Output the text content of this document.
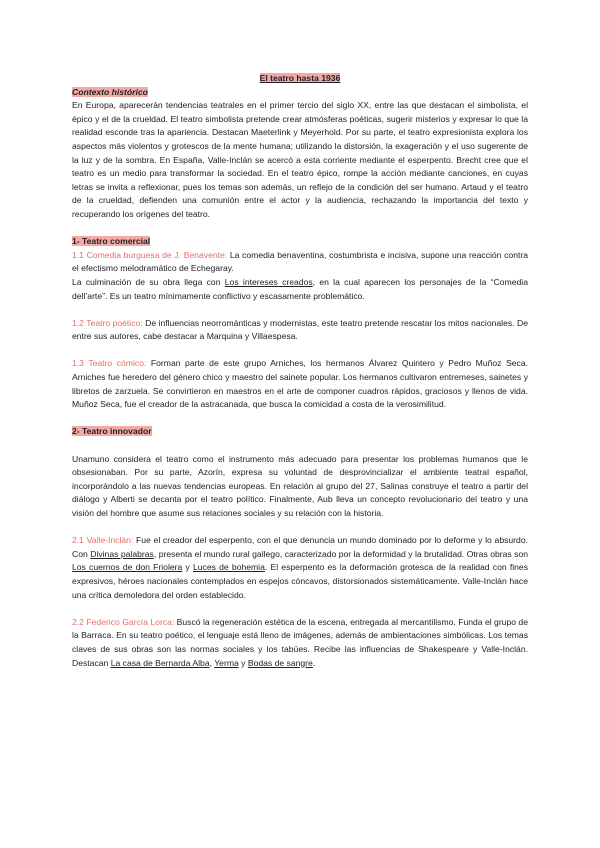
El teatro hasta 1936

Contexto histórico

En Europa, aparecerán tendencias teatrales en el primer tercio del siglo XX, entre las que destacan el simbolista, el épico y el de la crueldad. El teatro simbolista pretende crear atmósferas poéticas, sugerir misterios y expresar lo que la realidad esconde tras la apariencia. Destacan Maeterlink y Meyerhold. Por su parte, el teatro expresionista explora los aspectos más violentos y grotescos de la mente humana; utilizando la distorsión, la exageración y el uso sugerente de la luz y de la sombra. En España, Valle-Inclán se acercó a esta corriente mediante el esperpento. Brecht cree que el teatro es un medio para transformar la sociedad. En el teatro épico, rompe la acción mediante canciones, en cuyas letras se invita a reflexionar, pues los temas son además, un reflejo de la condición del ser humano. Artaud y el teatro de la crueldad, defienden una comunión entre el actor y la audiencia, rechazando la importancia del texto y recuperando los orígenes del teatro.

1- Teatro comercial

1.1 Comedia burguesa de J. Benavente: La comedia benaventina, costumbrista e incisiva, supone una reacción contra el efectismo melodramático de Echegaray.

La culminación de su obra llega con Los intereses creados, en la cual aparecen los personajes de la “Comedia dell’arte”. Es un teatro mínimamente conflictivo y escasamente problemático.

1.2 Teatro poético: De influencias neorrománticas y modernistas, este teatro pretende rescatar los mitos nacionales. De entre sus autores, cabe destacar a Marquina y Villaespesa.

1.3 Teatro cómico: Forman parte de este grupo Arniches, los hermanos Álvarez Quintero y Pedro Muñoz Seca. Arniches fue heredero del género chico y maestro del sainete popular. Los hermanos cultivaron entremeses, sainetes y libretos de zarzuela. Se convirtieron en maestros en el arte de componer cuadros rápidos, graciosos y llenos de vida. Muñoz Seca, fue el creador de la astracanada, que busca la comicidad a costa de la verosimilitud.

2- Teatro innovador

Unamuno considera el teatro como el instrumento más adecuado para presentar los problemas humanos que le obsesionaban. Por su parte, Azorín, expresa su voluntad de desprovincializar el ambiente teatral español, incorporándolo a las nuevas tendencias europeas. En relación al grupo del 27, Salinas construye el teatro a partir del diálogo y Alberti se decanta por el teatro político. Finalmente, Aub lleva un concepto revolucionario del teatro y una visión del hombre que asume sus relaciones sociales y su relación con la historia.

2.1 Valle-Inclán: Fue el creador del esperpento, con el que denuncia un mundo dominado por lo deforme y lo absurdo. Con Divinas palabras, presenta el mundo rural gallego, caracterizado por la deformidad y la brutalidad. Otras obras son Los cuernos de don Friolera y Luces de bohemia. El esperpento es la deformación grotesca de la realidad con fines expresivos, héroes nacionales contemplados en espejos cóncavos, distorsionados sistemáticamente. Valle-Inclán hace una crítica demoledora del orden establecido.

2.2 Federico García Lorca: Buscó la regeneración estética de la escena, entregada al mercantilismo. Funda el grupo de la Barraca. En su teatro poético, el lenguaje está lleno de imágenes, además de ambientaciones simbólicas. Los temas claves de sus obras son las normas sociales y los tabúes. Recibe las influencias de Shakespeare y Valle-Inclán. Destacan La casa de Bernarda Alba, Yerma y Bodas de sangre.
